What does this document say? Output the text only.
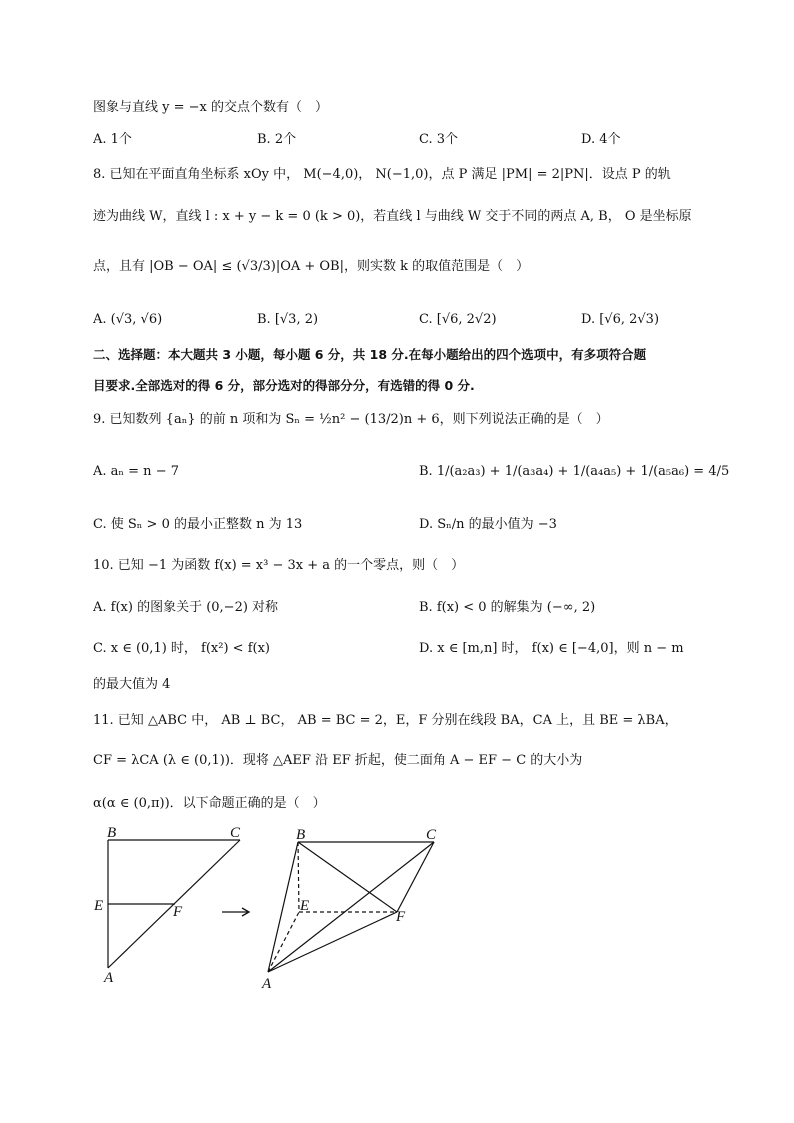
图象与直线 y = −x 的交点个数有（　）
A. 1个	B. 2个	C. 3个	D. 4个
8. 已知在平面直角坐标系 xOy 中， M(−4,0)， N(−1,0)，点 P 满足 |PM| = 2|PN|．设点 P 的轨
迹为曲线 W，直线 l : x + y − k = 0 (k > 0)，若直线 l 与曲线 W 交于不同的两点 A, B， O 是坐标原
点，且有 |OB − OA| ≤ (√3/3)|OA + OB|，则实数 k 的取值范围是（　）
A. (√3, √6)	B. [√3, 2)	C. [√6, 2√2)	D. [√6, 2√3)
二、选择题：本大题共 3 小题，每小题 6 分，共 18 分.在每小题给出的四个选项中，有多项符合题
目要求.全部选对的得 6 分，部分选对的得部分分，有选错的得 0 分.
9. 已知数列 {aₙ} 的前 n 项和为 Sₙ = ½n² − (13/2)n + 6，则下列说法正确的是（　）
A. aₙ = n − 7	B. 1/(a₂a₃) + 1/(a₃a₄) + 1/(a₄a₅) + 1/(a₅a₆) = 4/5
C. 使 Sₙ > 0 的最小正整数 n 为 13	D. Sₙ/n 的最小值为 −3
10. 已知 −1 为函数 f(x) = x³ − 3x + a 的一个零点，则（　）
A. f(x) 的图象关于 (0,−2) 对称	B. f(x) < 0 的解集为 (−∞, 2)
C. x ∈ (0,1) 时， f(x²) < f(x)	D. x ∈ [m,n] 时， f(x) ∈ [−4,0]，则 n − m
的最大值为 4
11. 已知 △ABC 中， AB ⊥ BC， AB = BC = 2，E，F 分别在线段 BA，CA 上，且 BE = λBA，
CF = λCA (λ ∈ (0,1))．现将 △AEF 沿 EF 折起，使二面角 A − EF − C 的大小为
α(α ∈ (0,π))．以下命题正确的是（　）
B	C
E	F
A
B	C
E
F
A
